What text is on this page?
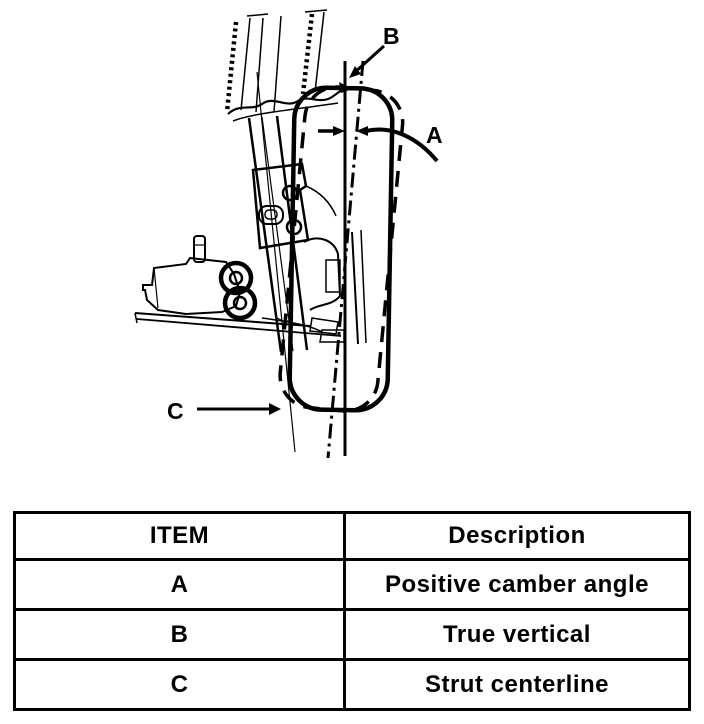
B
A
C
ITEM	Description
A	Positive camber angle
B	True vertical
C	Strut centerline
